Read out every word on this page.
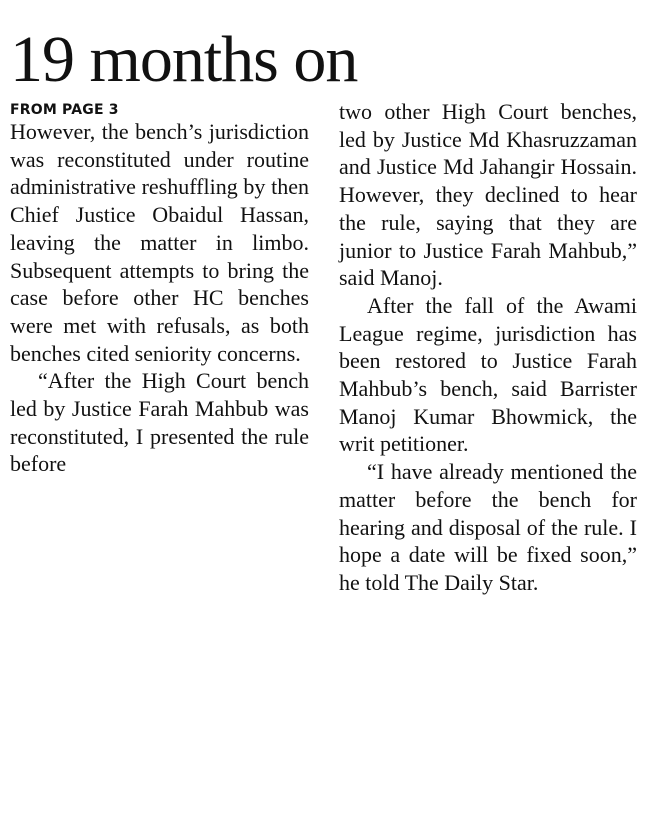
19 months on

FROM PAGE 3

However, the bench’s jurisdiction was reconstituted under routine administrative reshuffling by then Chief Justice Obaidul Hassan, leaving the matter in limbo. Subsequent attempts to bring the case before other HC benches were met with refusals, as both benches cited seniority concerns.

“After the High Court bench led by Justice Farah Mahbub was reconstituted, I presented the rule before

two other High Court benches, led by Justice Md Khasruzzaman and Justice Md Jahangir Hossain. However, they declined to hear the rule, saying that they are junior to Justice Farah Mahbub,” said Manoj.

After the fall of the Awami League regime, jurisdiction has been restored to Justice Farah Mahbub’s bench, said Barrister Manoj Kumar Bhowmick, the writ petitioner.

“I have already mentioned the matter before the bench for hearing and disposal of the rule. I hope a date will be fixed soon,” he told The Daily Star.
